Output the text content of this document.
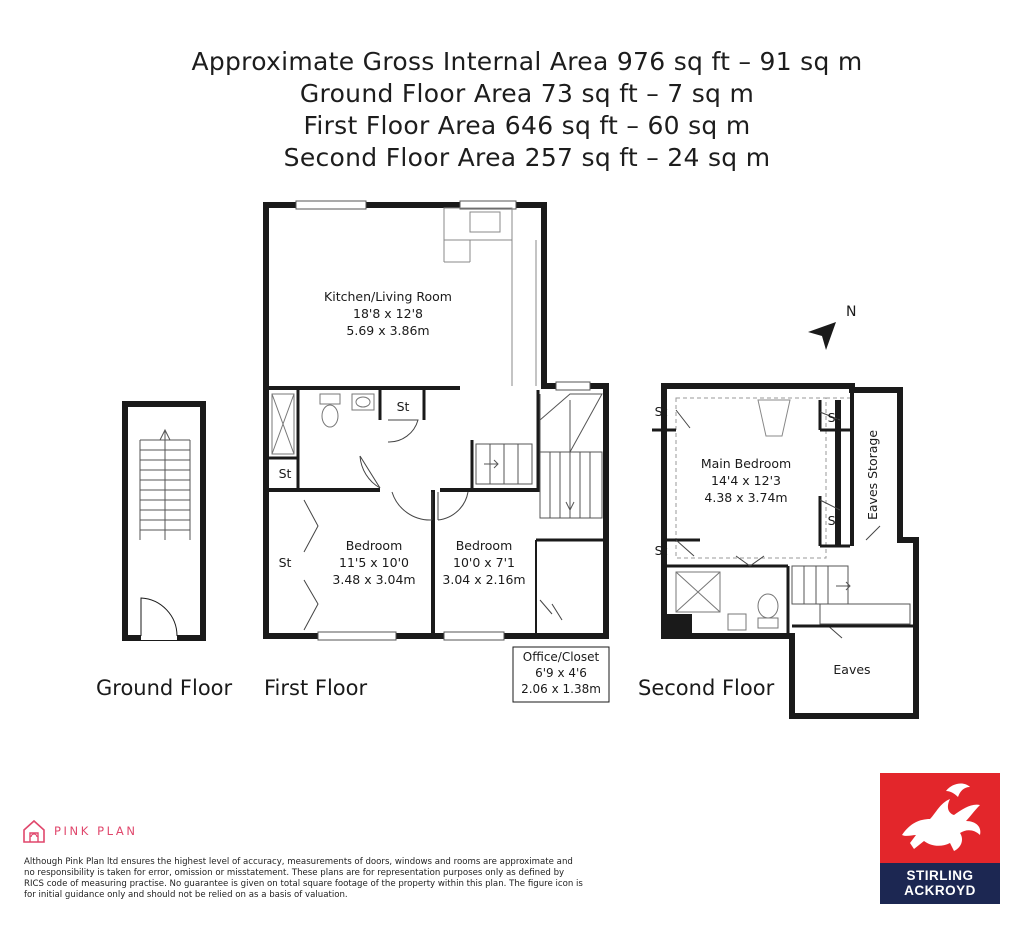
Approximate Gross Internal Area 976 sq ft – 91 sq m
Ground Floor Area 73 sq ft – 7 sq m
First Floor Area 646 sq ft – 60 sq m
Second Floor Area 257 sq ft – 24 sq m
Kitchen/Living Room
18'8 x 12'8
5.69 x 3.86m
Bedroom
11'5 x 10'0
3.48 x 3.04m
Bedroom
10'0 x 7'1
3.04 x 2.16m
St
St
St
Office/Closet
6'9 x 4'6
2.06 x 1.38m
N
Main Bedroom
14'4 x 12'3
4.38 x 3.74m
Eaves
St	St
St
St
Eaves Storage
Ground Floor First Floor	Second Floor
PINK PLAN
Although Pink Plan ltd ensures the highest level of accuracy, measurements of doors, windows and rooms are approximate and no responsibility is taken for error, omission or misstatement. These plans are for representation purposes only as defined by RICS code of measuring practise. No guarantee is given on total square footage of the property within this plan. The figure icon is for initial guidance only and should not be relied on as a basis of valuation.
STIRLING
ACKROYD
